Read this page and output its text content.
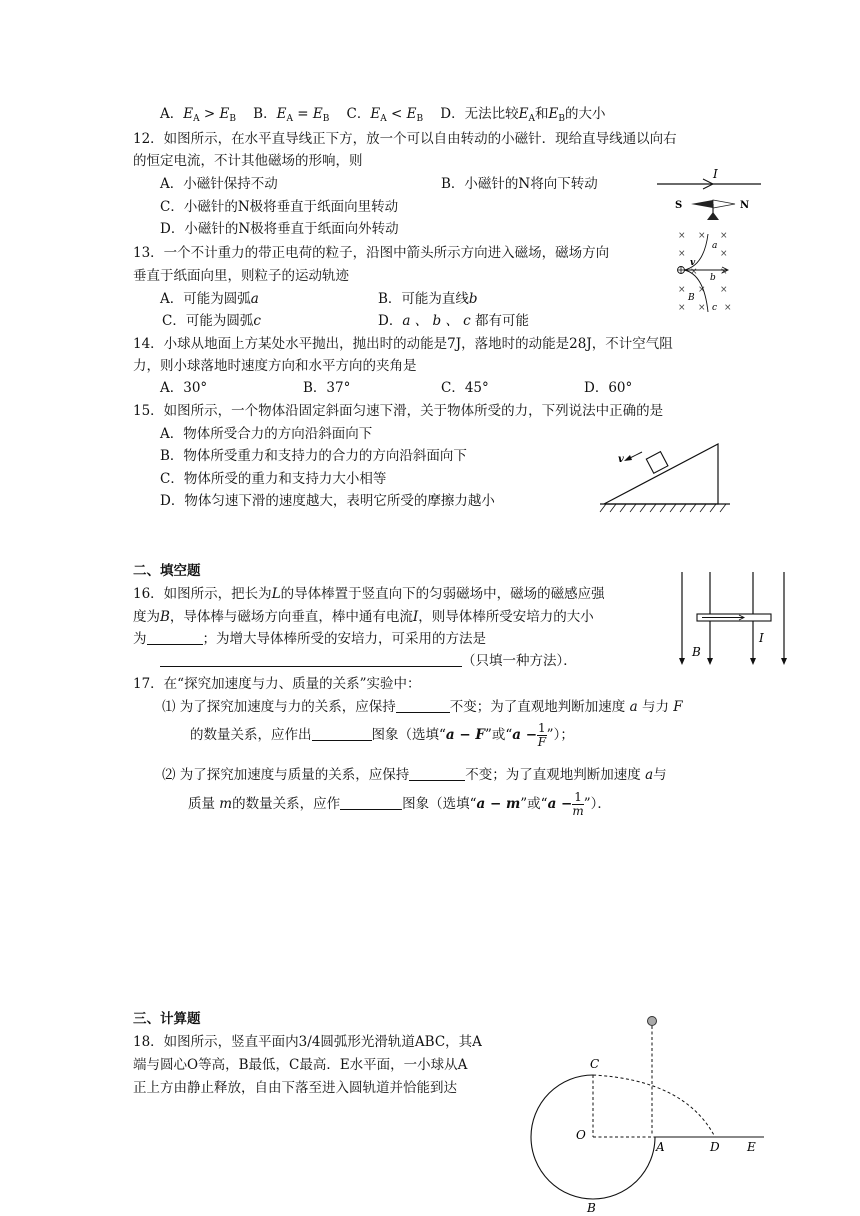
A．$E_A > E_B$ B．$E_A = E_B$ C．$E_A < E_B$ D．无法比较$E_A$和$E_B$的大小
12．如图所示，在水平直导线正下方，放一个可以自由转动的小磁针．现给直导线通以向右
的恒定电流，不计其他磁场的形响，则
A．小磁针保持不动	B．小磁针的N将向下转动
C．小磁针的N极将垂直于纸面向里转动
D．小磁针的N极将垂直于纸面向外转动
I
S	N
13．一个不计重力的带正电荷的粒子，沿图中箭头所示方向进入磁场，磁场方向
垂直于纸面向里，则粒子的运动轨迹
A．可能为圆弧a	B．可能为直线b
C．可能为圆弧c	D．a 、 b 、 c 都有可能
× × ×
×	×
× ×
× × ×
× × ×
v
a
b
c
B
14．小球从地面上方某处水平抛出，抛出时的动能是7J，落地时的动能是28J，不计空气阻
力，则小球落地时速度方向和水平方向的夹角是
A．30°	B．37°	C．45°	D．60°
15．如图所示，一个物体沿固定斜面匀速下滑，关于物体所受的力，下列说法中正确的是
A．物体所受合力的方向沿斜面向下
B．物体所受重力和支持力的合力的方向沿斜面向下
C．物体所受的重力和支持力大小相等
D．物体匀速下滑的速度越大，表明它所受的摩擦力越小
v
二、填空题
16．如图所示，把长为L的导体棒置于竖直向下的匀弱磁场中，磁场的磁感应强
度为B，导体棒与磁场方向垂直，棒中通有电流I，则导体棒所受安培力的大小
为	；为增大导体棒所受的安培力，可采用的方法是
（只填一种方法）．
B
I
17．在“探究加速度与力、质量的关系”实验中：
⑴ 为了探究加速度与力的关系，应保持	不变；为了直观地判断加速度 a 与力 F
的数量关系，应作出	图象（选填“a − F”或“$a - \frac{1}{F}$ ”）；
⑵ 为了探究加速度与质量的关系，应保持	不变；为了直观地判断加速度 a与
质量 m的数量关系，应作	图象（选填“a − m”或“$a - \frac{1}{m}$ ”）．
三、计算题
18．如图所示，竖直平面内3/4圆弧形光滑轨道ABC，其A
端与圆心O等高，B最低，C最高．E水平面，一小球从A
正上方由静止释放，自由下落至进入圆轨道并恰能到达
C
O
A	D E
B
